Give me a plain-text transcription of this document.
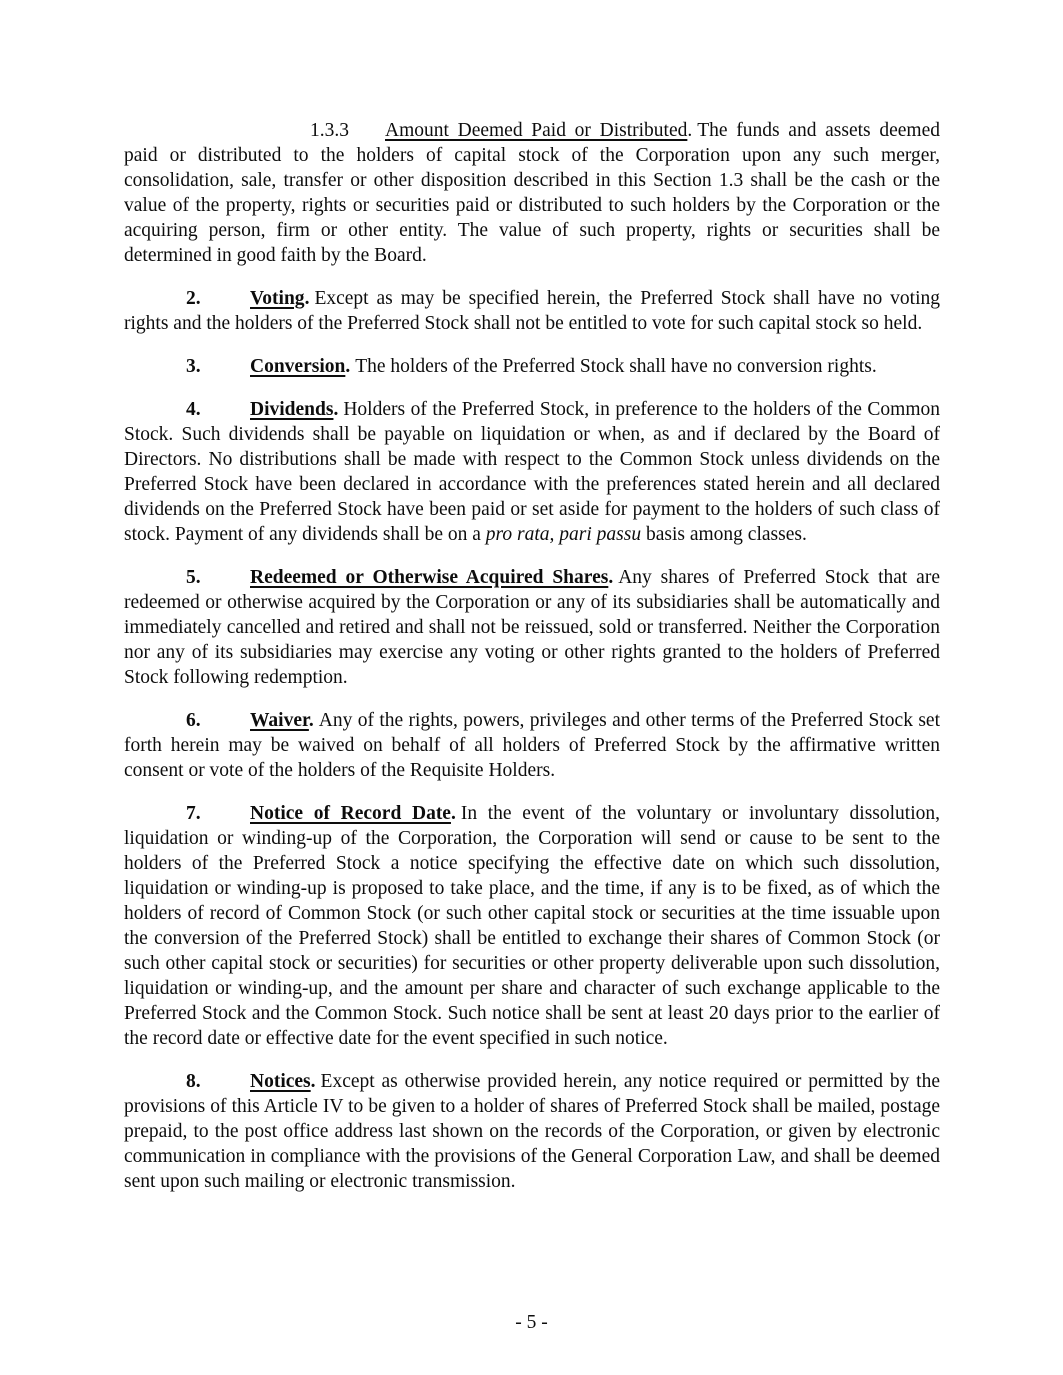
1.3.3 Amount Deemed Paid or Distributed. The funds and assets deemed paid or distributed to the holders of capital stock of the Corporation upon any such merger, consolidation, sale, transfer or other disposition described in this Section 1.3 shall be the cash or the value of the property, rights or securities paid or distributed to such holders by the Corporation or the acquiring person, firm or other entity. The value of such property, rights or securities shall be determined in good faith by the Board.

2.	Voting. Except as may be specified herein, the Preferred Stock shall have no voting rights and the holders of the Preferred Stock shall not be entitled to vote for such capital stock so held.

3.	Conversion. The holders of the Preferred Stock shall have no conversion rights.

4.	Dividends. Holders of the Preferred Stock, in preference to the holders of the Common Stock. Such dividends shall be payable on liquidation or when, as and if declared by the Board of Directors. No distributions shall be made with respect to the Common Stock unless dividends on the Preferred Stock have been declared in accordance with the preferences stated herein and all declared dividends on the Preferred Stock have been paid or set aside for payment to the holders of such class of stock. Payment of any dividends shall be on a pro rata, pari passu basis among classes.

5.	Redeemed or Otherwise Acquired Shares. Any shares of Preferred Stock that are redeemed or otherwise acquired by the Corporation or any of its subsidiaries shall be automatically and immediately cancelled and retired and shall not be reissued, sold or transferred. Neither the Corporation nor any of its subsidiaries may exercise any voting or other rights granted to the holders of Preferred Stock following redemption.

6.	Waiver. Any of the rights, powers, privileges and other terms of the Preferred Stock set forth herein may be waived on behalf of all holders of Preferred Stock by the affirmative written consent or vote of the holders of the Requisite Holders.

7.	Notice of Record Date. In the event of the voluntary or involuntary dissolution, liquidation or winding-up of the Corporation, the Corporation will send or cause to be sent to the holders of the Preferred Stock a notice specifying the effective date on which such dissolution, liquidation or winding-up is proposed to take place, and the time, if any is to be fixed, as of which the holders of record of Common Stock (or such other capital stock or securities at the time issuable upon the conversion of the Preferred Stock) shall be entitled to exchange their shares of Common Stock (or such other capital stock or securities) for securities or other property deliverable upon such dissolution, liquidation or winding-up, and the amount per share and character of such exchange applicable to the Preferred Stock and the Common Stock. Such notice shall be sent at least 20 days prior to the earlier of the record date or effective date for the event specified in such notice.

8.	Notices. Except as otherwise provided herein, any notice required or permitted by the provisions of this Article IV to be given to a holder of shares of Preferred Stock shall be mailed, postage prepaid, to the post office address last shown on the records of the Corporation, or given by electronic communication in compliance with the provisions of the General Corporation Law, and shall be deemed sent upon such mailing or electronic transmission.

- 5 -
